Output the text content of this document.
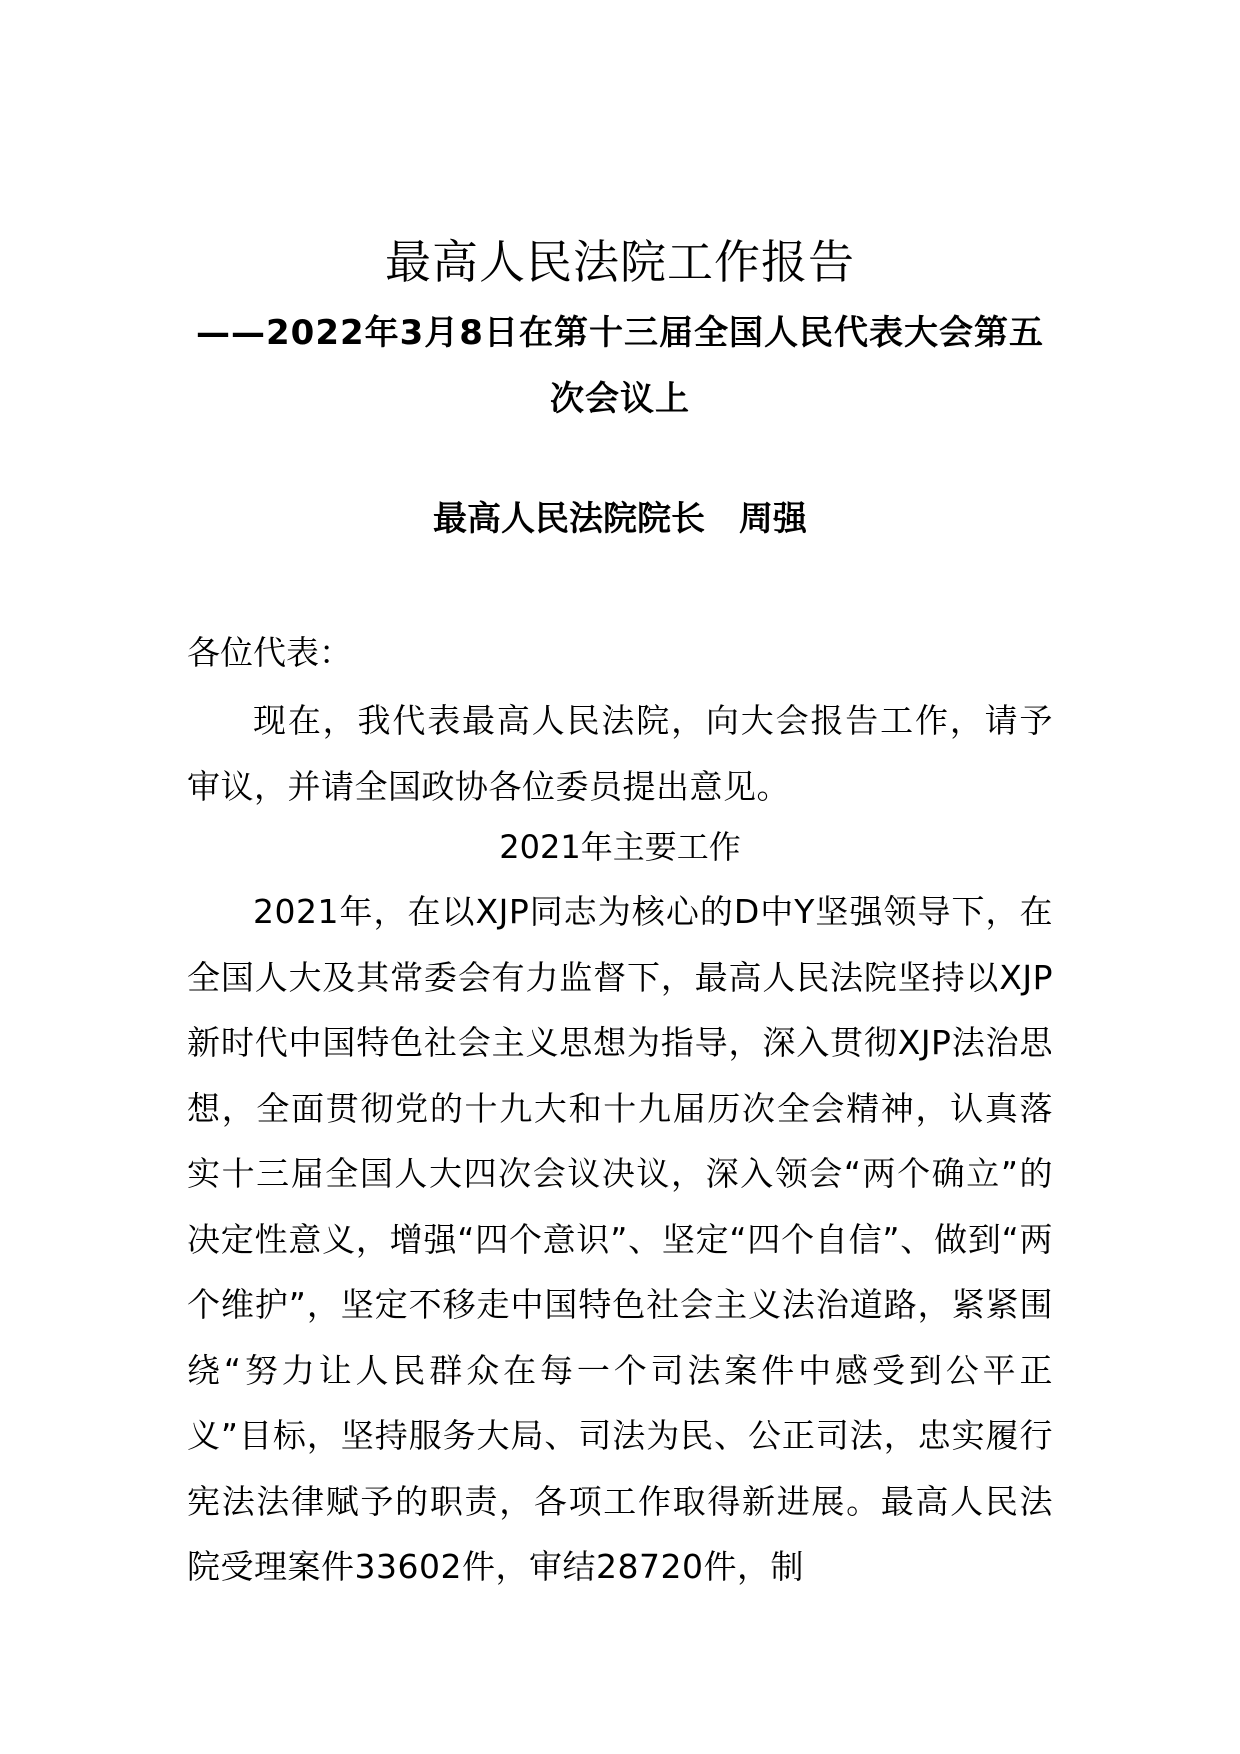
最高人民法院工作报告
——2022年3月8日在第十三届全国人民代表大会第五次会议上
最高人民法院院长　周强
各位代表：
现在，我代表最高人民法院，向大会报告工作，请予审议，并请全国政协各位委员提出意见。
2021年主要工作
2021年，在以XJP同志为核心的D中Y坚强领导下，在全国人大及其常委会有力监督下，最高人民法院坚持以XJP新时代中国特色社会主义思想为指导，深入贯彻XJP法治思想，全面贯彻党的十九大和十九届历次全会精神，认真落实十三届全国人大四次会议决议，深入领会“两个确立”的决定性意义，增强“四个意识”、坚定“四个自信”、做到“两个维护”，坚定不移走中国特色社会主义法治道路，紧紧围绕“努力让人民群众在每一个司法案件中感受到公平正义”目标，坚持服务大局、司法为民、公正司法，忠实履行宪法法律赋予的职责，各项工作取得新进展。最高人民法院受理案件33602件，审结28720件，制
